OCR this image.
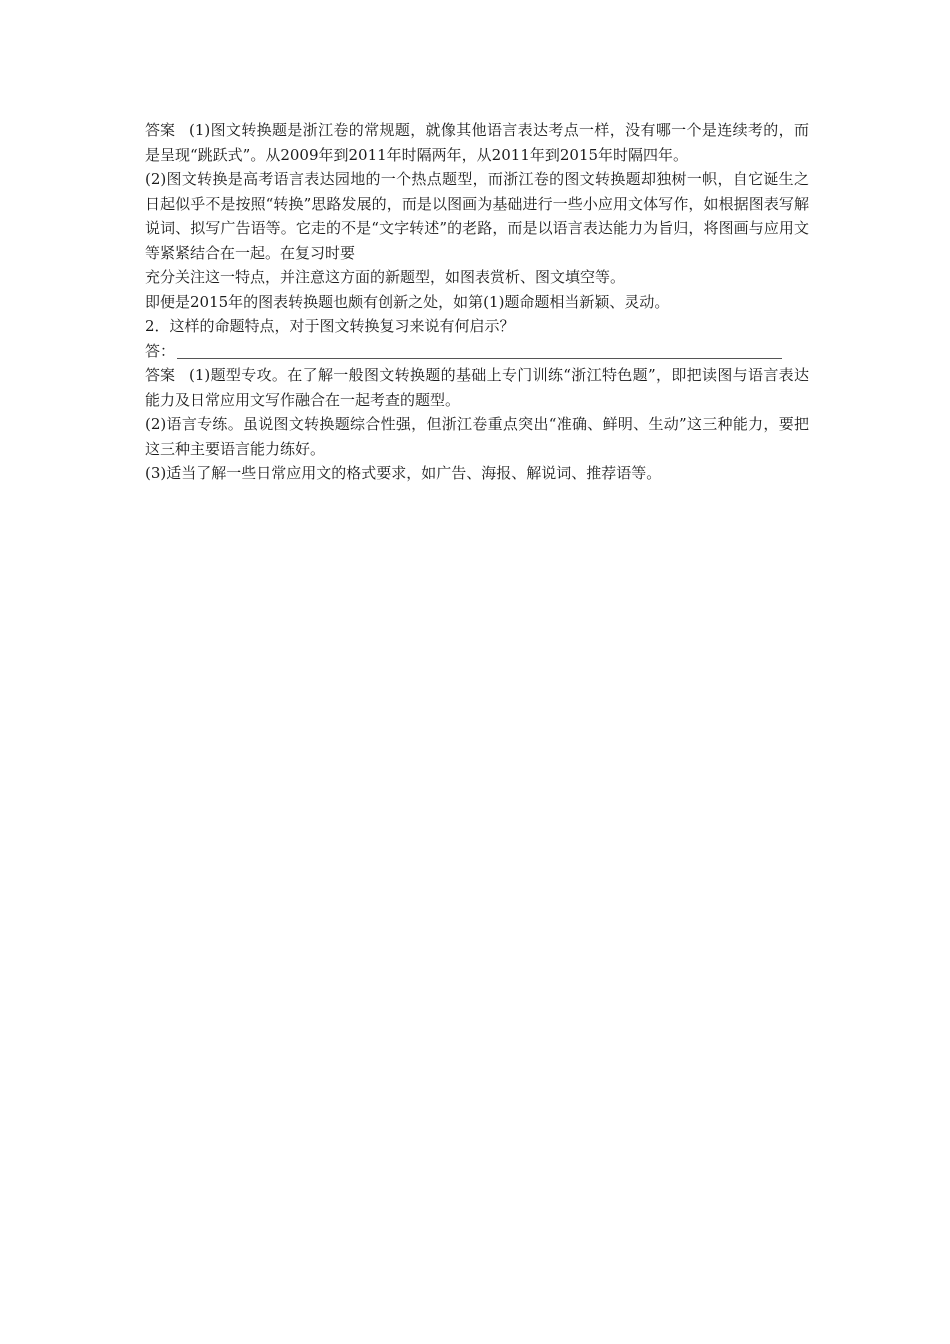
答案 (1)图文转换题是浙江卷的常规题，就像其他语言表达考点一样，没有哪一个是连续考的，而是呈现“跳跃式”。从2009年到2011年时隔两年，从2011年到2015年时隔四年。

(2)图文转换是高考语言表达园地的一个热点题型，而浙江卷的图文转换题却独树一帜，自它诞生之日起似乎不是按照“转换”思路发展的，而是以图画为基础进行一些小应用文体写作，如根据图表写解说词、拟写广告语等。它走的不是“文字转述”的老路，而是以语言表达能力为旨归，将图画与应用文等紧紧结合在一起。在复习时要

充分关注这一特点，并注意这方面的新题型，如图表赏析、图文填空等。

即便是2015年的图表转换题也颇有创新之处，如第(1)题命题相当新颖、灵动。

2．这样的命题特点，对于图文转换复习来说有何启示？

答：

答案 (1)题型专攻。在了解一般图文转换题的基础上专门训练“浙江特色题”，即把读图与语言表达能力及日常应用文写作融合在一起考查的题型。

(2)语言专练。虽说图文转换题综合性强，但浙江卷重点突出“准确、鲜明、生动”这三种能力，要把这三种主要语言能力练好。

(3)适当了解一些日常应用文的格式要求，如广告、海报、解说词、推荐语等。
